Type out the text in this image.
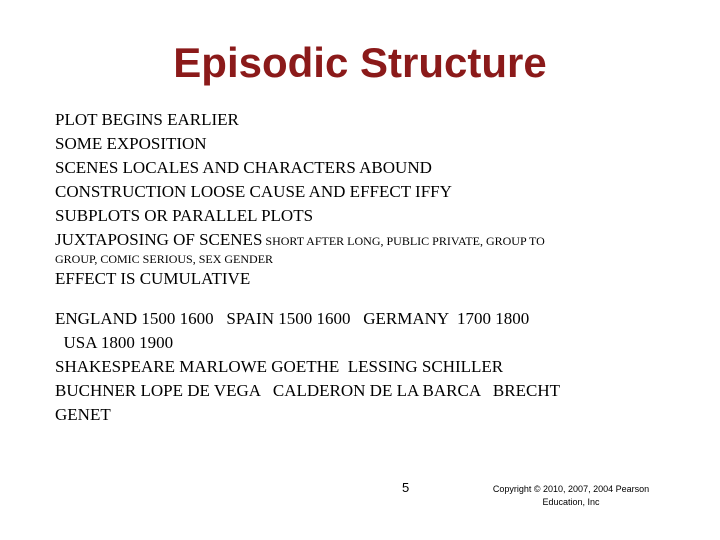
Episodic Structure
PLOT BEGINS EARLIER
SOME EXPOSITION
SCENES LOCALES AND CHARACTERS ABOUND
CONSTRUCTION LOOSE CAUSE AND EFFECT IFFY
SUBPLOTS OR PARALLEL PLOTS
JUXTAPOSING OF SCENES SHORT AFTER LONG, PUBLIC PRIVATE, GROUP TO
GROUP, COMIC SERIOUS, SEX GENDER
EFFECT IS CUMULATIVE
ENGLAND 1500 1600   SPAIN 1500 1600   GERMANY  1700 1800
USA 1800 1900
SHAKESPEARE MARLOWE GOETHE  LESSING SCHILLER
BUCHNER LOPE DE VEGA   CALDERON DE LA BARCA   BRECHT
GENET
5	Copyright © 2010, 2007, 2004 Pearson
Education, Inc
